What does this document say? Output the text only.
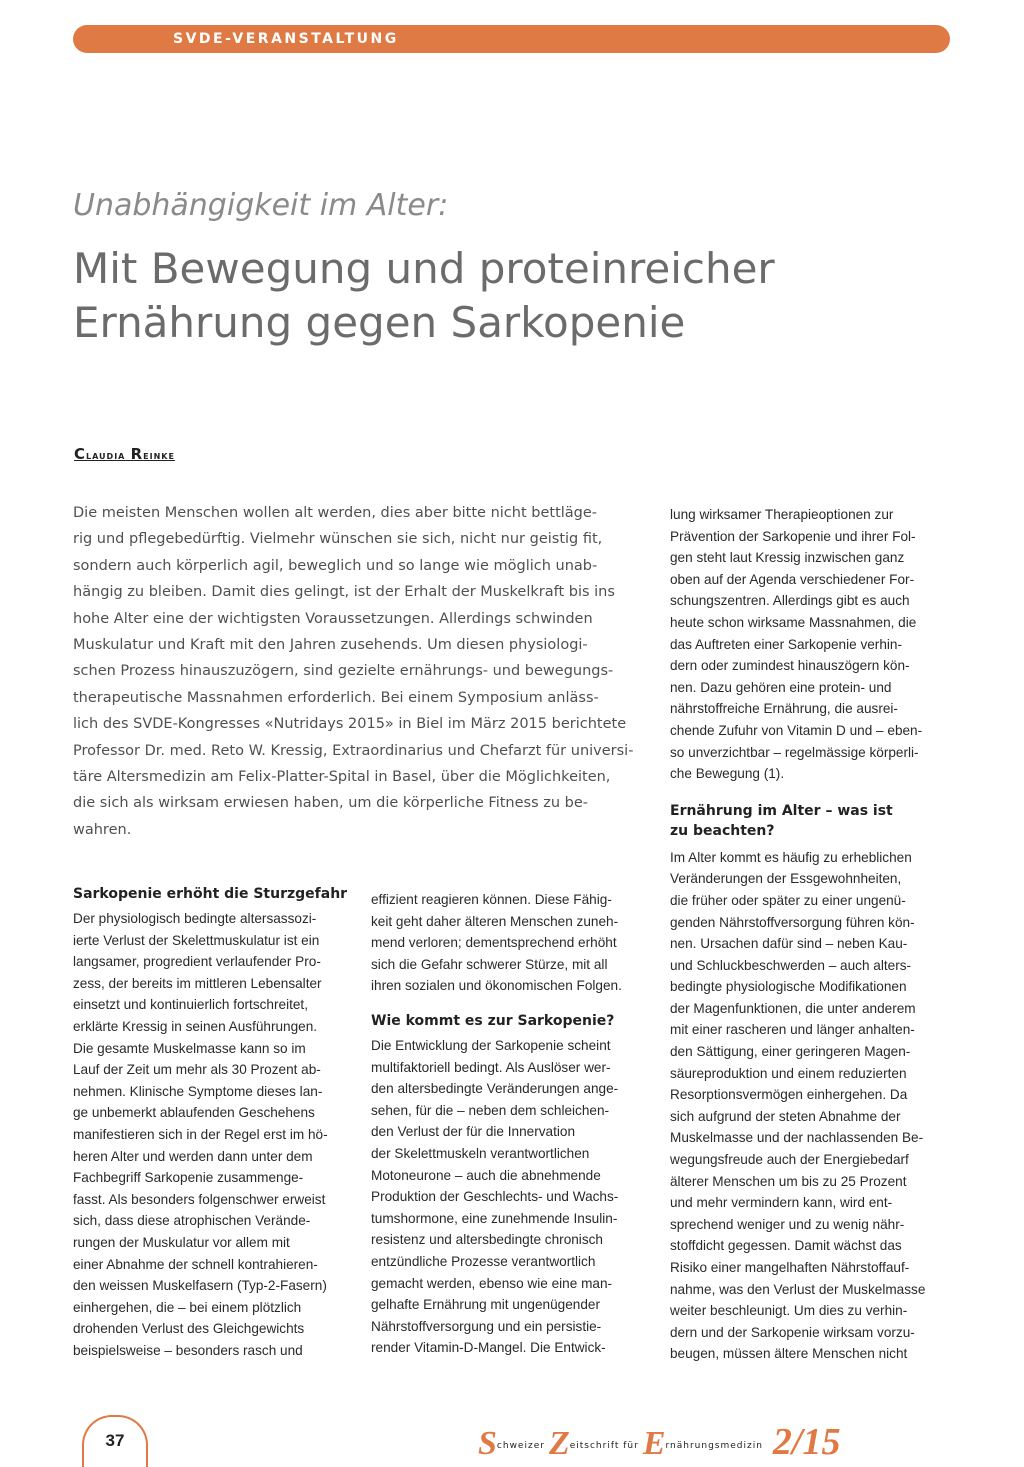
SVDE-VERANSTALTUNG
Unabhängigkeit im Alter:
Mit Bewegung und proteinreicher
Ernährung gegen Sarkopenie
Claudia Reinke
Die meisten Menschen wollen alt werden, dies aber bitte nicht bettläge-
rig und pflegebedürftig. Vielmehr wünschen sie sich, nicht nur geistig fit,
sondern auch körperlich agil, beweglich und so lange wie möglich unab-
hängig zu bleiben. Damit dies gelingt, ist der Erhalt der Muskelkraft bis ins
hohe Alter eine der wichtigsten Voraussetzungen. Allerdings schwinden
Muskulatur und Kraft mit den Jahren zusehends. Um diesen physiologi-
schen Prozess hinauszuzögern, sind gezielte ernährungs- und bewegungs-
therapeutische Massnahmen erforderlich. Bei einem Symposium anläss-
lich des SVDE-Kongresses «Nutridays 2015» in Biel im März 2015 berichtete
Professor Dr. med. Reto W. Kressig, Extraordinarius und Chefarzt für universi-
täre Altersmedizin am Felix-Platter-Spital in Basel, über die Möglichkeiten,
die sich als wirksam erwiesen haben, um die körperliche Fitness zu be-
wahren.
Sarkopenie erhöht die Sturzgefahr
Der physiologisch bedingte altersassozi-
ierte Verlust der Skelettmuskulatur ist ein
langsamer, progredient verlaufender Pro-
zess, der bereits im mittleren Lebensalter
einsetzt und kontinuierlich fortschreitet,
erklärte Kressig in seinen Ausführungen.
Die gesamte Muskelmasse kann so im
Lauf der Zeit um mehr als 30 Prozent ab-
nehmen. Klinische Symptome dieses lan-
ge unbemerkt ablaufenden Geschehens
manifestieren sich in der Regel erst im hö-
heren Alter und werden dann unter dem
Fachbegriff Sarkopenie zusammenge-
fasst. Als besonders folgenschwer erweist
sich, dass diese atrophischen Verände-
rungen der Muskulatur vor allem mit
einer Abnahme der schnell kontrahieren-
den weissen Muskelfasern (Typ-2-Fasern)
einhergehen, die – bei einem plötzlich
drohenden Verlust des Gleichgewichts
beispielsweise – besonders rasch und
effizient reagieren können. Diese Fähig-
keit geht daher älteren Menschen zuneh-
mend verloren; dementsprechend erhöht
sich die Gefahr schwerer Stürze, mit all
ihren sozialen und ökonomischen Folgen.
Wie kommt es zur Sarkopenie?
Die Entwicklung der Sarkopenie scheint
multifaktoriell bedingt. Als Auslöser wer-
den altersbedingte Veränderungen ange-
sehen, für die – neben dem schleichen-
den Verlust der für die Innervation
der Skelettmuskeln verantwortlichen
Motoneurone – auch die abnehmende
Produktion der Geschlechts- und Wachs-
tumshormone, eine zunehmende Insulin-
resistenz und altersbedingte chronisch
entzündliche Prozesse verantwortlich
gemacht werden, ebenso wie eine man-
gelhafte Ernährung mit ungenügender
Nährstoffversorgung und ein persistie-
render Vitamin-D-Mangel. Die Entwick-
lung wirksamer Therapieoptionen zur
Prävention der Sarkopenie und ihrer Fol-
gen steht laut Kressig inzwischen ganz
oben auf der Agenda verschiedener For-
schungszentren. Allerdings gibt es auch
heute schon wirksame Massnahmen, die
das Auftreten einer Sarkopenie verhin-
dern oder zumindest hinauszögern kön-
nen. Dazu gehören eine protein- und
nährstoffreiche Ernährung, die ausrei-
chende Zufuhr von Vitamin D und – eben-
so unverzichtbar – regelmässige körperli-
che Bewegung (1).
Ernährung im Alter – was ist
zu beachten?
Im Alter kommt es häufig zu erheblichen
Veränderungen der Essgewohnheiten,
die früher oder später zu einer ungenü-
genden Nährstoffversorgung führen kön-
nen. Ursachen dafür sind – neben Kau-
und Schluckbeschwerden – auch alters-
bedingte physiologische Modifikationen
der Magenfunktionen, die unter anderem
mit einer rascheren und länger anhalten-
den Sättigung, einer geringeren Magen-
säureproduktion und einem reduzierten
Resorptionsvermögen einhergehen. Da
sich aufgrund der steten Abnahme der
Muskelmasse und der nachlassenden Be-
wegungsfreude auch der Energiebedarf
älterer Menschen um bis zu 25 Prozent
und mehr vermindern kann, wird ent-
sprechend weniger und zu wenig nähr-
stoffdicht gegessen. Damit wächst das
Risiko einer mangelhaften Nährstoffauf-
nahme, was den Verlust der Muskelmasse
weiter beschleunigt. Um dies zu verhin-
dern und der Sarkopenie wirksam vorzu-
beugen, müssen ältere Menschen nicht
37	$S^{chweizer}$ $Z^{eitschrift für}$ $E^{rnährungsmedizin}$ 2/15
